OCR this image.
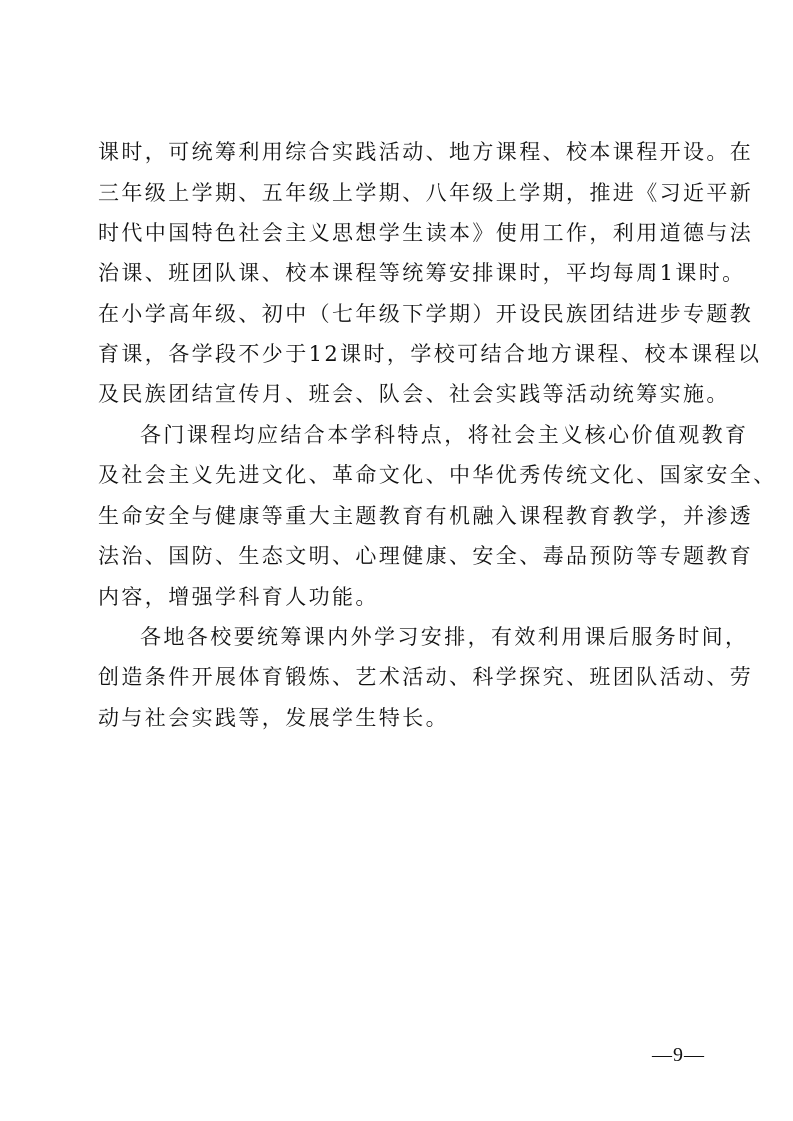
课时，可统筹利用综合实践活动、地方课程、校本课程开设。在
三年级上学期、五年级上学期、八年级上学期，推进《习近平新
时代中国特色社会主义思想学生读本》使用工作，利用道德与法
治课、班团队课、校本课程等统筹安排课时，平均每周1课时。
在小学高年级、初中（七年级下学期）开设民族团结进步专题教
育课，各学段不少于12课时，学校可结合地方课程、校本课程以
及民族团结宣传月、班会、队会、社会实践等活动统筹实施。
各门课程均应结合本学科特点，将社会主义核心价值观教育
及社会主义先进文化、革命文化、中华优秀传统文化、国家安全、
生命安全与健康等重大主题教育有机融入课程教育教学，并渗透
法治、国防、生态文明、心理健康、安全、毒品预防等专题教育
内容，增强学科育人功能。
各地各校要统筹课内外学习安排，有效利用课后服务时间，
创造条件开展体育锻炼、艺术活动、科学探究、班团队活动、劳
动与社会实践等，发展学生特长。
—9—
